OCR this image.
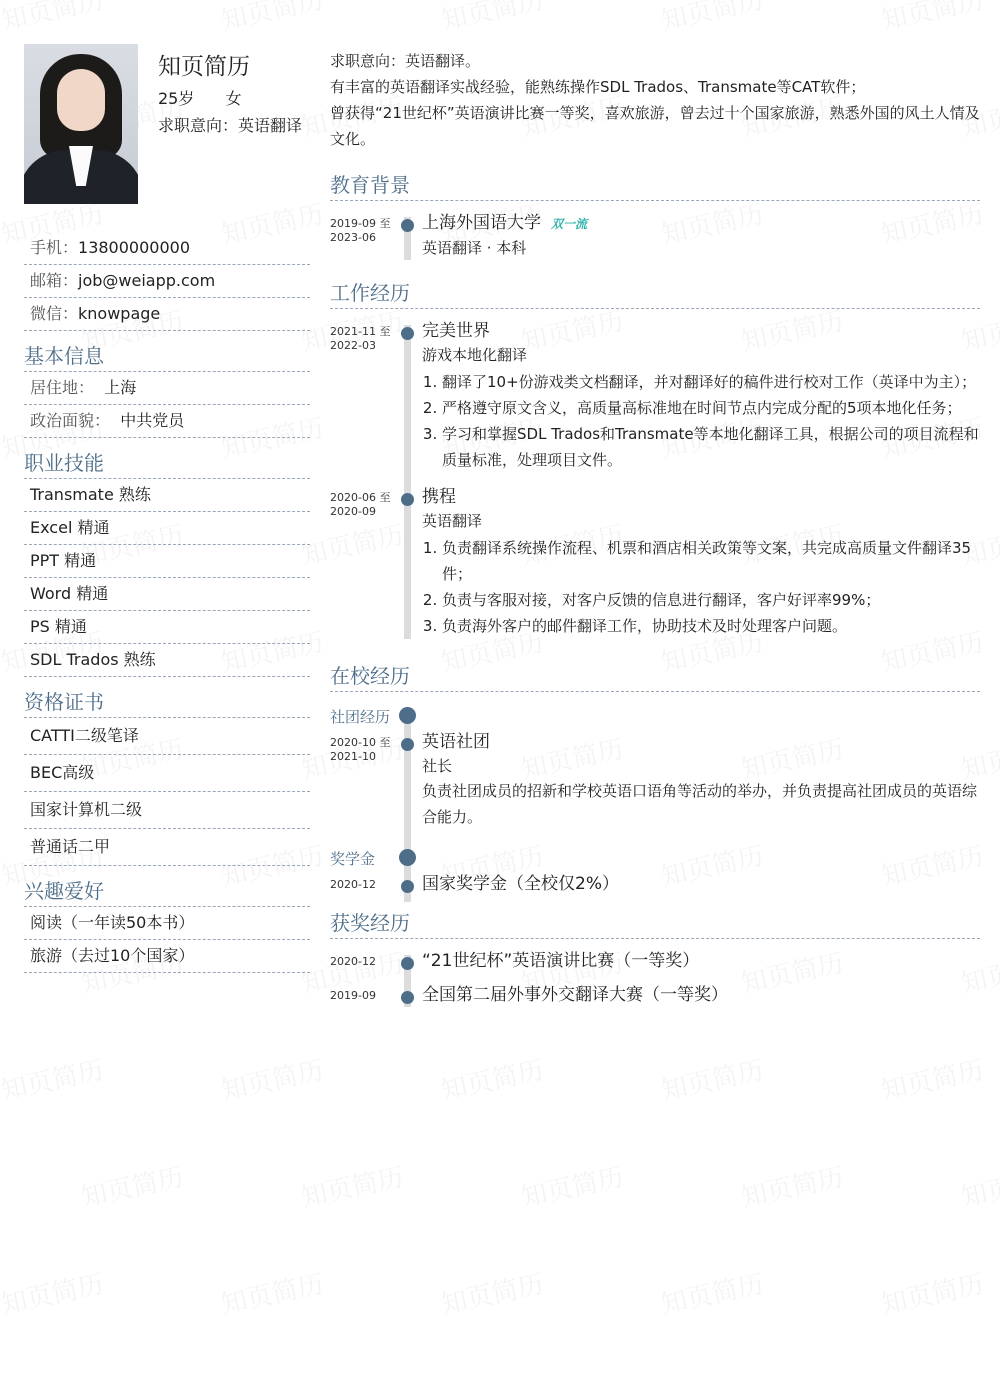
知页简历
25岁 女
求职意向：英语翻译
手机：13800000000
邮箱：job@weiapp.com
微信：knowpage
基本信息
居住地： 上海
政治面貌： 中共党员
职业技能
Transmate 熟练
Excel 精通
PPT 精通
Word 精通
PS 精通
SDL Trados 熟练
资格证书
CATTI二级笔译
BEC高级
国家计算机二级
普通话二甲
兴趣爱好
阅读（一年读50本书）
旅游（去过10个国家）

求职意向：英语翻译。

有丰富的英语翻译实战经验，能熟练操作SDL Trados、Transmate等CAT软件；

曾获得“21世纪杯”英语演讲比赛一等奖，喜欢旅游，曾去过十个国家旅游，熟悉外国的风土人情及文化。

教育背景
2019-09 至 2023-06
上海外国语大学 双一流
英语翻译 · 本科
工作经历
2021-11 至 2022-03
完美世界
游戏本地化翻译
1. 翻译了10+份游戏类文档翻译，并对翻译好的稿件进行校对工作（英译中为主）；
2. 严格遵守原文含义，高质量高标准地在时间节点内完成分配的5项本地化任务；
3. 学习和掌握SDL Trados和Transmate等本地化翻译工具，根据公司的项目流程和质量标准，处理项目文件。
2020-06 至 2020-09
携程
英语翻译
1. 负责翻译系统操作流程、机票和酒店相关政策等文案，共完成高质量文件翻译35件；
2. 负责与客服对接，对客户反馈的信息进行翻译，客户好评率99%；
3. 负责海外客户的邮件翻译工作，协助技术及时处理客户问题。
在校经历
社团经历
2020-10 至 2021-10
英语社团
社长
负责社团成员的招新和学校英语口语角等活动的举办，并负责提高社团成员的英语综合能力。
奖学金
2020-12	国家奖学金（全校仅2%）
获奖经历
2020-12	“21世纪杯”英语演讲比赛（一等奖）
2019-09	全国第二届外事外交翻译大赛（一等奖）
